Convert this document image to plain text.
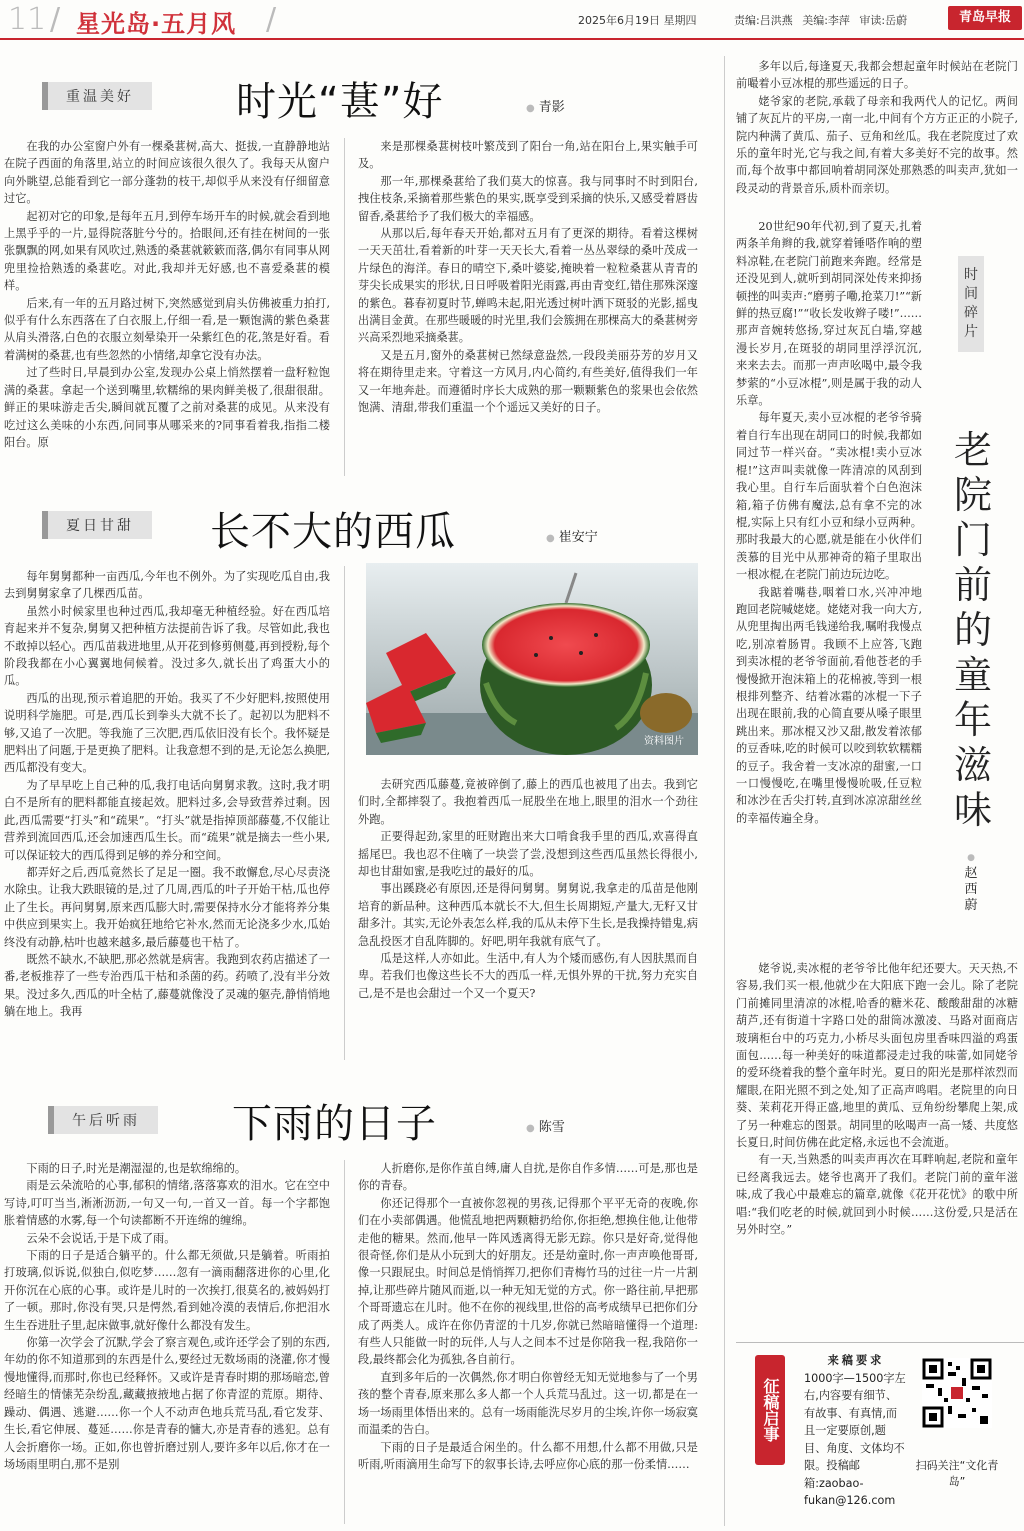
11 / 星光岛·五月风 /	2025年6月19日 星期四	责编:吕洪燕 美编:李萍 审读:岳蔚	青岛早报
重温美好	时光“葚”好	● 青影

在我的办公室窗户外有一棵桑葚树,高大、挺拔,一直静静地站在院子西面的角落里,站立的时间应该很久很久了。我每天从窗户向外眺望,总能看到它一部分蓬勃的枝干,却似乎从来没有仔细留意过它。

起初对它的印象,是每年五月,到停车场开车的时候,就会看到地上黑乎乎的一片,显得院落脏兮兮的。拾眼间,还有挂在树间的一张张飘飘的网,如果有风吹过,熟透的桑葚就簌簌而落,偶尔有同事从网兜里捡拾熟透的桑葚吃。对此,我却并无好感,也不喜爱桑葚的模样。

后来,有一年的五月路过树下,突然感觉到肩头仿佛被重力拍打,似乎有什么东西落在了白衣服上,仔细一看,是一颗饱满的紫色桑葚从肩头滑落,白色的衣服立刻晕染开一朵紫红色的花,煞是好看。看着满树的桑葚,也有些忽然的小情绪,却拿它没有办法。

过了些时日,早晨到办公室,发现办公桌上悄然摆着一盘籽粒饱满的桑葚。拿起一个送到嘴里,软糯绵的果肉鲜美极了,很甜很甜。鲜正的果味游走舌尖,瞬间就瓦覆了之前对桑葚的成见。从来没有吃过这么美味的小东西,问同事从哪采来的?同事看着我,指指二楼阳台。原

来是那棵桑葚树枝叶繁茂到了阳台一角,站在阳台上,果实触手可及。

那一年,那棵桑葚给了我们莫大的惊喜。我与同事时不时到阳台,拽住枝条,采摘着那些紫色的果实,既享受到采摘的快乐,又感受着唇齿留香,桑葚给予了我们极大的幸福感。

从那以后,每年春天开始,都对五月有了更深的期待。看着这棵树一天天茁壮,看着新的叶芽一天天长大,看着一丛丛翠绿的桑叶茂成一片绿色的海洋。春日的晴空下,桑叶婆娑,掩映着一粒粒桑葚从青青的芽尖长成果实的形状,日日呼吸着阳光雨露,再由青变红,错住那殊深邃的紫色。暮春初夏时节,蝉鸣未起,阳光透过树叶洒下斑驳的光影,摇曳出满目金黄。在那些暖暖的时光里,我们会簇拥在那棵高大的桑葚树旁兴高采烈地采摘桑葚。

又是五月,窗外的桑葚树已然绿意盎然,一段段美丽芬芳的岁月又将在期待里走来。守着这一方风月,内心简约,有些美好,值得我们一年又一年地奔赴。而遵循时序长大成熟的那一颗颗紫色的浆果也会依然饱满、清甜,带我们重温一个个遥远又美好的日子。

夏日甘甜	长不大的西瓜	● 崔安宁

每年舅舅都种一亩西瓜,今年也不例外。为了实现吃瓜自由,我去到舅舅家拿了几棵西瓜苗。

虽然小时候家里也种过西瓜,我却毫无种植经验。好在西瓜培育起来并不复杂,舅舅又把种植方法提前告诉了我。尽管如此,我也不敢掉以轻心。西瓜苗栽进地里,从开花到修剪侧蔓,再到授粉,每个阶段我都在小心翼翼地伺候着。没过多久,就长出了鸡蛋大小的瓜。

西瓜的出现,预示着追肥的开始。我买了不少好肥料,按照使用说明科学施肥。可是,西瓜长到拳头大就不长了。起初以为肥料不够,又追了一次肥。等我施了三次肥,西瓜依旧没有长个。我怀疑是肥料出了问题,于是更换了肥料。让我意想不到的是,无论怎么换肥,西瓜都没有变大。

为了早早吃上自己种的瓜,我打电话向舅舅求教。这时,我才明白不是所有的肥料都能直接起效。肥料过多,会导致营养过剩。因此,西瓜需要“打头”和“疏果”。“打头”就是指掉顶部藤蔓,不仅能让营养到流回西瓜,还会加速西瓜生长。而“疏果”就是摘去一些小果,可以保证较大的西瓜得到足够的养分和空间。

都弄好之后,西瓜竟然长了足足一圈。我不敢懈怠,尽心尽责浇水除虫。让我大跌眼镜的是,过了几周,西瓜的叶子开始干枯,瓜也停止了生长。再问舅舅,原来西瓜膨大时,需要保持水分才能将养分集中供应到果实上。我开始疯狂地给它补水,然而无论浇多少水,瓜始终没有动静,枯叶也越来越多,最后藤蔓也干枯了。

既然不缺水,不缺肥,那必然就是病害。我跑到农药店描述了一番,老板推荐了一些专治西瓜干枯和杀菌的药。药喷了,没有半分效果。没过多久,西瓜的叶全枯了,藤蔓就像没了灵魂的躯壳,静悄悄地躺在地上。我再

资料图片

去研究西瓜藤蔓,竟被碎倒了,藤上的西瓜也被甩了出去。我到它们时,全都摔裂了。我抱着西瓜一屁股坐在地上,眼里的泪水一个劲往外跑。

正要得起劲,家里的旺财跑出来大口啃食我手里的西瓜,欢喜得直摇尾巴。我也忍不住嘀了一块尝了尝,没想到这些西瓜虽然长得很小,却也甘甜如蜜,是我吃过的最好的瓜。

事出蹊跷必有原因,还是得问舅舅。舅舅说,我拿走的瓜苗是他刚培育的新品种。这种西瓜本就长不大,但生长周期短,产量大,无籽又甘甜多汁。其实,无论外表怎么样,我的瓜从未停下生长,是我操持错鬼,病急乱投医才自乱阵脚的。好吧,明年我就有底气了。

瓜是这样,人亦如此。生活中,有人为个矮而感伤,有人因肤黑而自卑。若我们也像这些长不大的西瓜一样,无惧外界的干扰,努力充实自己,是不是也会甜过一个又一个夏天?

午后听雨	下雨的日子	● 陈雪

下雨的日子,时光是潮湿湿的,也是软绵绵的。

雨是云朵流哈的心事,郁积的情绪,落落寡欢的泪水。它在空中写诗,叮叮当当,淅淅沥沥,一句又一句,一首又一首。每一个字都饱胀着情感的水雾,每一个句读都断不开连绵的缠绵。

云朵不会说话,于是下成了雨。

下雨的日子是适合躺平的。什么都无须做,只是躺着。听雨拍打玻璃,似诉说,似独白,似吃梦……忽有一滴雨翻落进你的心里,化开你沉在心底的心事。或许是儿时的一次挨打,很莫名的,被妈妈打了一顿。那时,你没有哭,只是愕然,看到她冷漠的表情后,你把泪水生生吞进肚子里,起床做事,就好像什么都没有发生。

你第一次学会了沉默,学会了察言观色,或许还学会了别的东西,年幼的你不知道那到的东西是什么,要经过无数场雨的浇灌,你才慢慢地懂得,而那时,你也已经释怀。又或许是青春时期的那场暗恋,曾经暗生的情愫芜杂纷乱,藏藏掖掖地占据了你青涩的荒原。期待、躁动、偶遇、逃避……你一个人不动声色地兵荒马乱,看它发芽、生长,看它伸展、蔓延……你是青春的慵大,亦是青春的逃犯。总有人会折磨你一场。正如,你也曾折磨过别人,要许多年以后,你才在一场场雨里明白,那不是别

人折磨你,是你作茧自缚,庸人自扰,是你自作多情……可是,那也是你的青春。

你还记得那个一直被你忽视的男孩,记得那个平平无奇的夜晚,你们在小卖部偶遇。他慌乱地把两颗糖扔给你,你拒绝,想换住他,让他带走他的糖果。然而,他早一阵风透离得无影无踪。你只是好奇,觉得他很奇怪,你们是从小玩到大的好朋友。还是幼童时,你一声声唤他哥哥,像一只跟屁虫。时间总是悄悄挥刀,把你们青梅竹马的过往一片一片割掉,让那些碎片随风而逝,以一种无知无觉的方式。你一路往前,早把那个哥哥遗忘在儿时。他不在你的视线里,世俗的高考成绩早已把你们分成了两类人。成许在你仍青涩的十几岁,你就已然暗暗懂得一个道理:有些人只能做一时的玩伴,人与人之间本不过是你陪我一程,我陪你一段,最终都会化为孤独,各自前行。

直到多年后的一次偶然,你才明白你曾经无知无觉地参与了一个男孩的整个青春,原来那么多人都一个人兵荒马乱过。这一切,都是在一场一场雨里体悟出来的。总有一场雨能洗尽岁月的尘埃,许你一场寂寞而温柔的告白。

下雨的日子是最适合闲坐的。什么都不用想,什么都不用做,只是听雨,听雨滴用生命写下的叙事长诗,去呼应你心底的那一份柔情……

多年以后,每逢夏天,我都会想起童年时候站在老院门前嘬着小豆冰棍的那些遥远的日子。

姥爷家的老院,承载了母亲和我两代人的记忆。两间铺了灰瓦片的平房,一南一北,中间有个方方正正的小院子,院内种满了黄瓜、茄子、豆角和丝瓜。我在老院度过了欢乐的童年时光,它与我之间,有着大多美好不完的故事。然而,每个故事中都回响着胡同深处那熟悉的叫卖声,犹如一段灵动的背景音乐,质朴而亲切。

20世纪90年代初,到了夏天,扎着两条羊角辫的我,就穿着锤嗒作响的塑料凉鞋,在老院门前跑来奔跑。经常是还没见到人,就听到胡同深处传来抑扬顿挫的叫卖声:“磨剪子嘞,抢菜刀!”“新鲜的热豆腐!”“收长发收辫子喽!”……那声音婉转悠扬,穿过灰瓦白墙,穿越漫长岁月,在斑驳的胡同里浮浮沉沉,来来去去。而那一声声吆喝中,最令我梦萦的“小豆冰棍”,则是属于我的动人乐章。

每年夏天,卖小豆冰棍的老爷爷骑着自行车出现在胡同口的时候,我都如同过节一样兴奋。“卖冰棍!卖小豆冰棍!”这声叫卖就像一阵清凉的风刮到我心里。自行车后面驮着个白色泡沫箱,箱子仿佛有魔法,总有拿不完的冰棍,实际上只有红小豆和绿小豆两种。那时我最大的心愿,就是能在小伙伴们羡慕的目光中从那神奇的箱子里取出一根冰棍,在老院门前边玩边吃。

我踮着嘴巷,咽着口水,兴冲冲地跑回老院喊姥姥。姥姥对我一向大方,从兜里掏出两毛钱递给我,嘱咐我慢点吃,别凉着肠胃。我顾不上应答,飞跑到卖冰棍的老爷爷面前,看他苍老的手慢慢掀开泡沫箱上的花棉被,等到一根根排列整齐、结着冰霜的冰棍一下子出现在眼前,我的心简直要从嗓子眼里跳出来。那冰棍又沙又甜,散发着浓郁的豆香味,吃的时候可以咬到软软糯糯的豆子。我舍着一支冰凉的甜蜜,一口一口慢慢吃,在嘴里慢慢吮吸,任豆粒和冰沙在舌尖打转,直到冰凉凉甜丝丝的幸福传遍全身。

时间碎片
老院门前的童年滋味
● 赵西蔚

姥爷说,卖冰棍的老爷爷比他年纪还要大。天天热,不容易,我们买一根,他就少在大阳底下跑一会儿。除了老院门前摊同里清凉的冰棍,哈香的糖米花、酸酸甜甜的冰糖葫芦,还有街道十字路口处的甜筒冰激凌、马路对面商店玻璃柜台中的巧克力,小桥尽头面包房里香味四溢的鸡蛋面包……每一种美好的味道都浸走过我的味蕾,如同姥爷的爱环绕着我的整个童年时光。夏日的阳光是那样浓烈而耀眼,在阳光照不到之处,知了正高声鸣唱。老院里的向日葵、茉莉花开得正盛,地里的黄瓜、豆角纷纷攀爬上架,成了另一种难忘的图景。胡同里的吆喝声一高一矮、共度悠长夏日,时间仿佛在此定格,永远也不会流逝。

有一天,当熟悉的叫卖声再次在耳畔响起,老院和童年已经离我远去。姥爷也离开了我们。老院门前的童年滋味,成了我心中最难忘的篇章,就像《花开花忧》的歌中所唱:“我们吃老的时候,就回到小时候……这份爱,只是活在另外时空。”

征稿启事
来稿要求
1000字—1500字左右,内容要有细节、有故事、有真情,而且一定要原创,题目、角度、文体均不限。投稿邮箱:zaobao-fukan@126.com
扫码关注“文化青岛”
